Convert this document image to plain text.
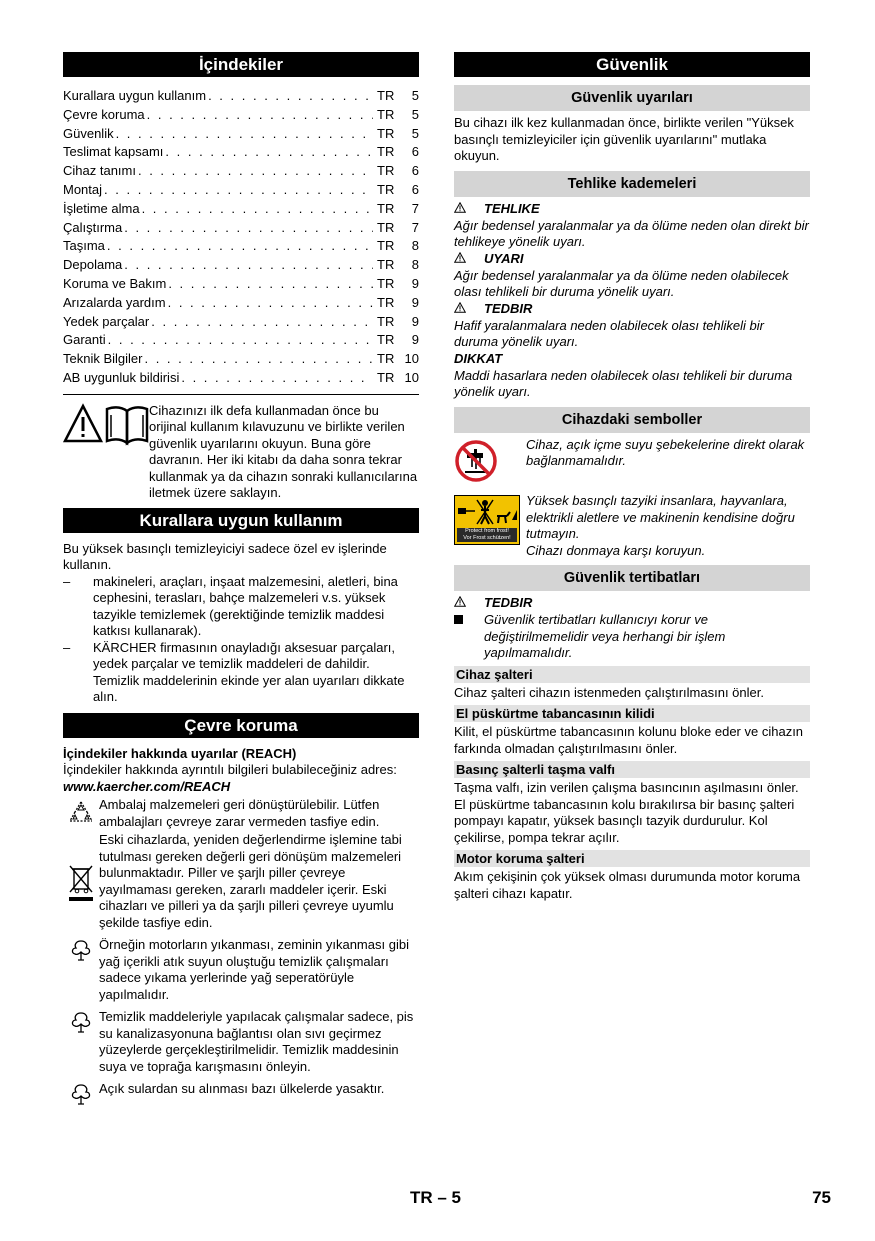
İçindekiler
Kurallara uygun kullanım . . .	TR	5
Çevre koruma . . .	TR	5
Güvenlik . . .	TR	5
Teslimat kapsamı . . .	TR	6
Cihaz tanımı . . .	TR	6
Montaj . . .	TR	6
İşletime alma . . .	TR	7
Çalıştırma . . .	TR	7
Taşıma . . .	TR	8
Depolama . . .	TR	8
Koruma ve Bakım . . .	TR	9
Arızalarda yardım . . .	TR	9
Yedek parçalar . . .	TR	9
Garanti . . .	TR	9
Teknik Bilgiler . . .	TR 10
AB uygunluk bildirisi . . .	TR 10

Cihazınızı ilk defa kullanmadan önce bu orijinal kullanım kılavuzunu ve birlikte verilen güvenlik uyarılarını okuyun. Buna göre davranın. Her iki kitabı da daha sonra tekrar kullanmak ya da cihazın sonraki kullanıcılarına iletmek üzere saklayın.

Kurallara uygun kullanım

Bu yüksek basınçlı temizleyiciyi sadece özel ev işlerinde kullanın.

–	makineleri, araçları, inşaat malzemesini, aletleri, bina cephesini, terasları, bahçe malzemeleri v.s. yüksek tazyikle temizlemek (gerektiğinde temizlik maddesi katkısı kullanarak).
–	KÄRCHER firmasının onayladığı aksesuar parçaları, yedek parçalar ve temizlik maddeleri de dahildir. Temizlik maddelerinin ekinde yer alan uyarıları dikkate alın.
Çevre koruma

İçindekiler hakkında uyarılar (REACH)

İçindekiler hakkında ayrıntılı bilgileri bulabileceğiniz adres:

www.kaercher.com/REACH

Ambalaj malzemeleri geri dönüştürülebilir. Lütfen ambalajları çevreye zarar vermeden tasfiye edin.

Eski cihazlarda, yeniden değerlendirme işlemine tabi tutulması gereken değerli geri dönüşüm malzemeleri bulunmaktadır. Piller ve şarjlı piller çevreye yayılmaması gereken, zararlı maddeler içerir. Eski cihazları ve pilleri ya da şarjlı pilleri çevreye uyumlu şekilde tasfiye edin.

Örneğin motorların yıkanması, zeminin yıkanması gibi yağ içerikli atık suyun oluştuğu temizlik çalışmaları sadece yıkama yerlerinde yağ seperatörüyle yapılmalıdır.

Temizlik maddeleriyle yapılacak çalışmalar sadece, pis su kanalizasyonuna bağlantısı olan sıvı geçirmez yüzeylerde gerçekleştirilmelidir. Temizlik maddesinin suya ve toprağa karışmasını önleyin.

Açık sulardan su alınması bazı ülkelerde yasaktır.

Güvenlik
Güvenlik uyarıları

Bu cihazı ilk kez kullanmadan önce, birlikte verilen "Yüksek basınçlı temizleyiciler için güvenlik uyarılarını" mutlaka okuyun.

Tehlike kademeleri
TEHLIKE

Ağır bedensel yaralanmalar ya da ölüme neden olan direkt bir tehlikeye yönelik uyarı.

UYARI

Ağır bedensel yaralanmalar ya da ölüme neden olabilecek olası tehlikeli bir duruma yönelik uyarı.

TEDBIR

Hafif yaralanmalara neden olabilecek olası tehlikeli bir duruma yönelik uyarı.

DIKKAT

Maddi hasarlara neden olabilecek olası tehlikeli bir duruma yönelik uyarı.

Cihazdaki semboller

Cihaz, açık içme suyu şebekelerine direkt olarak bağlanmamalıdır.

Protect from frost!
Vor Frost schützen!

Yüksek basınçlı tazyiki insanlara, hayvanlara, elektrikli aletlere ve makinenin kendisine doğru tutmayın.

Cihazı donmaya karşı koruyun.

Güvenlik tertibatları
TEDBIR
Güvenlik tertibatları kullanıcıyı korur ve değiştirilmemelidir veya herhangi bir işlem yapılmamalıdır.
Cihaz şalteri

Cihaz şalteri cihazın istenmeden çalıştırılmasını önler.

El püskürtme tabancasının kilidi

Kilit, el püskürtme tabancasının kolunu bloke eder ve cihazın farkında olmadan çalıştırılmasını önler.

Basınç şalterli taşma valfı

Taşma valfı, izin verilen çalışma basıncının aşılmasını önler.
El püskürtme tabancasının kolu bırakılırsa bir basınç şalteri pompayı kapatır, yüksek basınçlı tazyik durdurulur. Kol çekilirse, pompa tekrar açılır.

Motor koruma şalteri

Akım çekişinin çok yüksek olması durumunda motor koruma şalteri cihazı kapatır.

TR – 5	75
